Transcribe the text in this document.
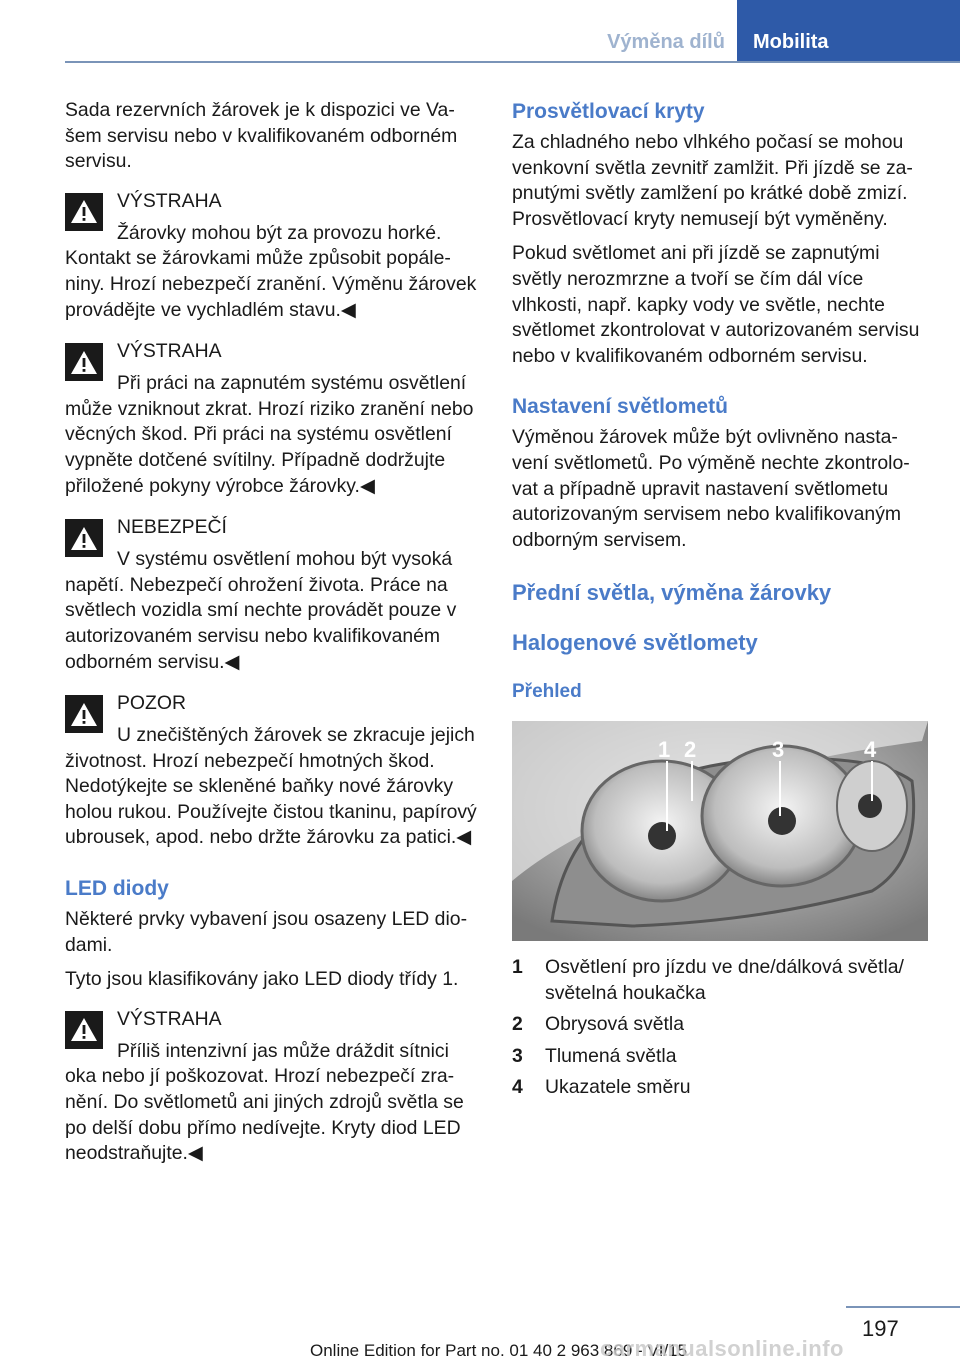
Výměna dílů	Mobilita

Sada rezervních žárovek je k dispozici ve Vašem servisu nebo v kvalifikovaném odborném servisu.

VÝSTRAHA
Žárovky mohou být za provozu horké. Kontakt se žárovkami může způsobit popáleniny. Hrozí nebezpečí zranění. Výměnu žárovek provádějte ve vychladlém stavu.◀
VÝSTRAHA
Při práci na zapnutém systému osvětlení může vzniknout zkrat. Hrozí riziko zranění nebo věcných škod. Při práci na systému osvětlení vypněte dotčené svítilny. Případně dodržujte přiložené pokyny výrobce žárovky.◀
NEBEZPEČÍ
V systému osvětlení mohou být vysoká napětí. Nebezpečí ohrožení života. Práce na světlech vozidla smí nechte provádět pouze v autorizovaném servisu nebo kvalifikovaném odborném servisu.◀
POZOR
U znečištěných žárovek se zkracuje jejich životnost. Hrozí nebezpečí hmotných škod. Nedotýkejte se skleněné baňky nové žárovky holou rukou. Používejte čistou tkaninu, papírový ubrousek, apod. nebo držte žárovku za patici.◀
LED diody

Některé prvky vybavení jsou osazeny LED diodami.

Tyto jsou klasifikovány jako LED diody třídy 1.

VÝSTRAHA
Příliš intenzivní jas může dráždit sítnici oka nebo jí poškozovat. Hrozí nebezpečí zranění. Do světlometů ani jiných zdrojů světla se po delší dobu přímo nedívejte. Kryty diod LED neodstraňujte.◀
Prosvětlovací kryty

Za chladného nebo vlhkého počasí se mohou venkovní světla zevnitř zamlžit. Při jízdě se zapnutými světly zamlžení po krátké době zmizí. Prosvětlovací kryty nemusejí být vyměněny.

Pokud světlomet ani při jízdě se zapnutými světly nerozmrzne a tvoří se čím dál více vlhkosti, např. kapky vody ve světle, nechte světlomet zkontrolovat v autorizovaném servisu nebo v kvalifikovaném odborném servisu.

Nastavení světlometů

Výměnou žárovek může být ovlivněno nastavení světlometů. Po výměně nechte zkontrolovat a případně upravit nastavení světlometu autorizovaným servisem nebo kvalifikovaným odborným servisem.

Přední světla, výměna žárovky
Halogenové světlomety
Přehled
1 2	3	4
1	Osvětlení pro jízdu ve dne/dálková světla/ světelná houkačka
2	Obrysová světla
3	Tlumená světla
4	Ukazatele směru
197
Online Edition for Part no. 01 40 2 963 869 - VI/15
carmanualsonline.info
